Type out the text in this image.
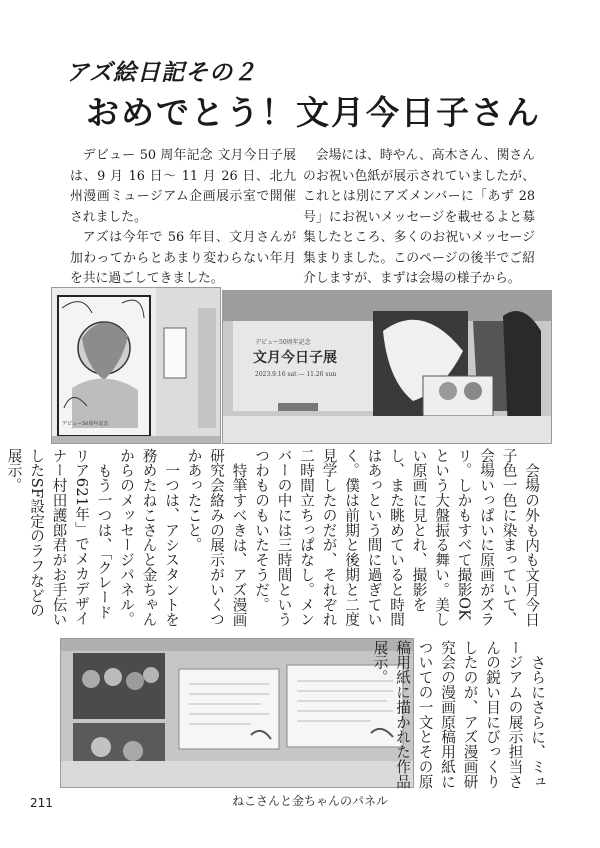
アズ絵日記その２
おめでとう！文月今日子さん

デビュー 50 周年記念 文月今日子展は、9 月 16 日～ 11 月 26 日、北九州漫画ミュージアム企画展示室で開催されました。

アズは今年で 56 年目、文月さんが加わってからとあまり変わらない年月を共に過ごしてきました。

会場には、時やん、高木さん、関さんのお祝い色紙が展示されていましたが、これとは別にアズメンバーに「あず 28 号」にお祝いメッセージを載せるよと募集したところ、多くのお祝いメッセージ集まりました。このページの後半でご紹介しますが、まずは会場の様子から。

デビュー50周年記念
デビュー50周年記念
文月今日子展
2023.9.16 sat ― 11.26 sun

会場の外も内も文月今日子色一色に染まっていて、会場いっぱいに原画がズラリ。しかもすべて撮影OKという大盤振る舞い。美しい原画に見とれ、撮影をし、また眺めていると時間はあっという間に過ぎていく。僕は前期と後期と二度見学したのだが、それぞれ二時間立ちっぱなし。メンバーの中には三時間というつわものもいたそうだ。

特筆すべきは、アズ漫画研究会絡みの展示がいくつかあったこと。

一つは、アシスタントを務めたねこさんと金ちゃんからのメッセージパネル。

もう一つは、「クレードリア621年」でメカデザイナー村田護郎君がお手伝いしたSF設定のラフなどの展示。

さらにさらに、ミュージアムの展示担当さんの鋭い目にびっくりしたのが、アズ漫画研究会の漫画原稿用紙についての一文とその原稿用紙に描かれた作品展示。

ねこさんと金ちゃんのパネル
211
